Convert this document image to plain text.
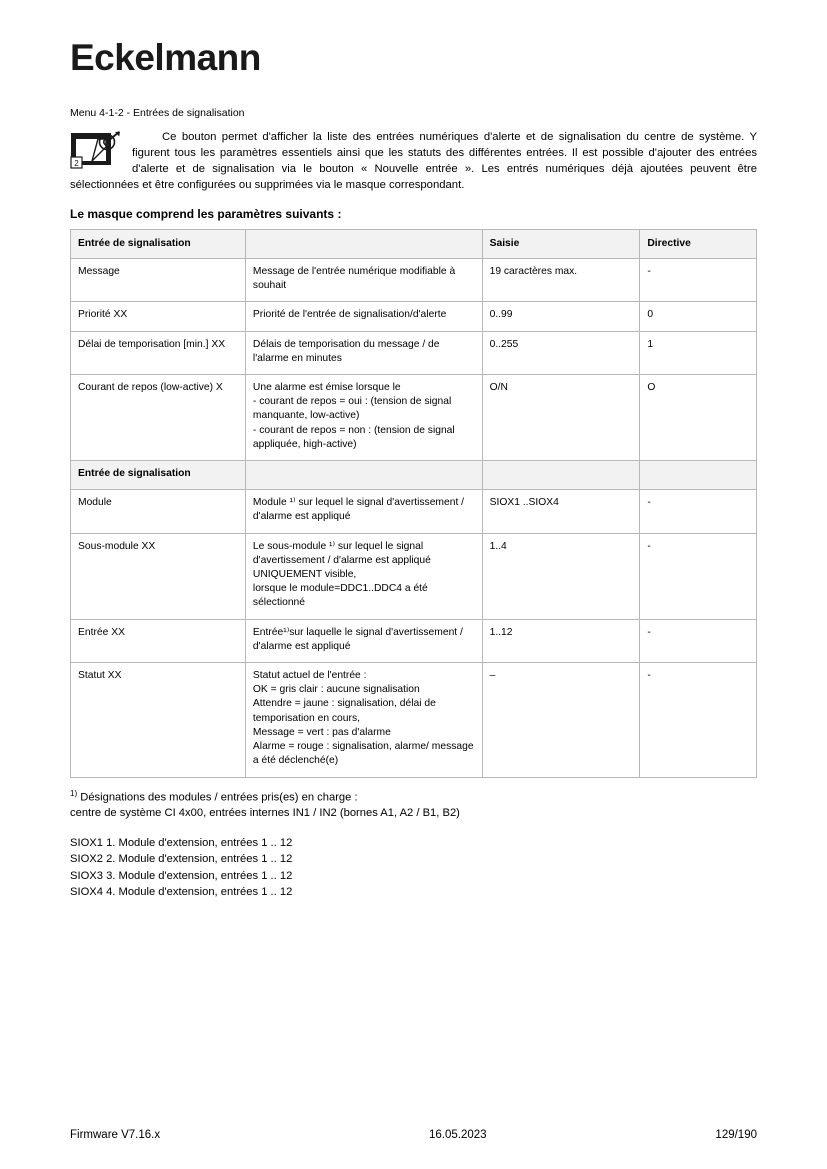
Eckelmann
Menu 4-1-2 - Entrées de signalisation
2
Ce bouton permet d'afficher la liste des entrées numériques d'alerte et de signalisation du centre de système. Y figurent tous les paramètres essentiels ainsi que les statuts des différentes entrées. Il est possible d'ajouter des entrées d'alerte et de signalisation via le bouton « Nouvelle entrée ». Les entrés numériques déjà ajoutées peuvent être sélectionnées et être configurées ou supprimées via le masque correspondant.
Le masque comprend les paramètres suivants :
Entrée de signalisation		Saisie	Directive
Message	Message de l'entrée numérique modifiable à souhait	19 caractères max.	-
Priorité XX	Priorité de l'entrée de signalisation/d'alerte	0..99	0
Délai de temporisation [min.] XX	Délais de temporisation du message / de l'alarme en minutes	0..255	1
Courant de repos (low-active) X	Une alarme est émise lorsque le
- courant de repos = oui : (tension de signal manquante, low-active)
- courant de repos = non : (tension de signal appliquée, high-active)	O/N	O
Entrée de signalisation			
Module	Module ¹⁾ sur lequel le signal d'avertissement / d'alarme est appliqué	SIOX1 ..SIOX4	-
Sous-module XX	Le sous-module ¹⁾ sur lequel le signal d'avertissement / d'alarme est appliqué UNIQUEMENT visible,
lorsque le module=DDC1..DDC4 a été sélectionné	1..4	-
Entrée XX	Entrée¹⁾sur laquelle le signal d'avertissement / d'alarme est appliqué	1..12	-
Statut XX	Statut actuel de l'entrée :
OK = gris clair : aucune signalisation
Attendre = jaune : signalisation, délai de temporisation en cours,
Message = vert : pas d'alarme
Alarme = rouge : signalisation, alarme/ message a été déclenché(e)	–	-
$^{1)}$ Désignations des modules / entrées pris(es) en charge :
centre de système CI 4x00, entrées internes IN1 / IN2 (bornes A1, A2 / B1, B2)
SIOX1 1. Module d'extension, entrées 1 .. 12
SIOX2 2. Module d'extension, entrées 1 .. 12
SIOX3 3. Module d'extension, entrées 1 .. 12
SIOX4 4. Module d'extension, entrées 1 .. 12
Firmware V7.16.x	16.05.2023	129/190
